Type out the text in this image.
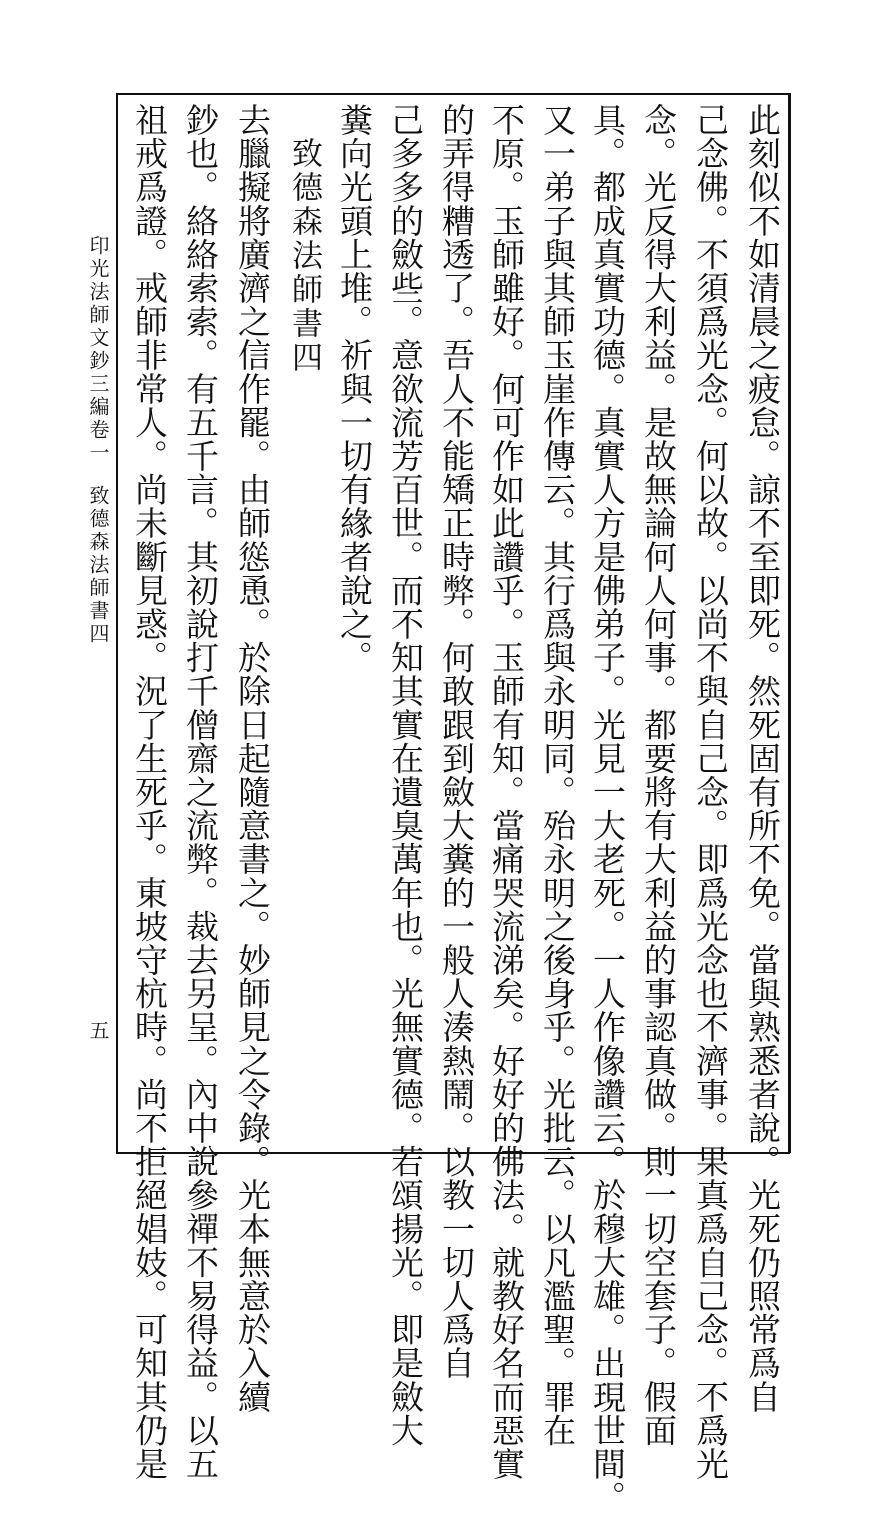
印光法師文鈔三編卷一
致德森法師書四
五	此刻似不如清晨之疲怠。諒不至即死。然死固有所不免。當與熟悉者說。光死仍照常爲自
己念佛。不須爲光念。何以故。以尚不與自己念。即爲光念也不濟事。果真爲自己念。不爲光
念。光反得大利益。是故無論何人何事。都要將有大利益的事認真做。則一切空套子。假面
具。都成真實功德。真實人方是佛弟子。光見一大老死。一人作像讚云。於穆大雄。出現世間。
又一弟子與其師玉崖作傳云。其行爲與永明同。殆永明之後身乎。光批云。以凡濫聖。罪在
不原。玉師雖好。何可作如此讚乎。玉師有知。當痛哭流涕矣。好好的佛法。就教好名而惡實
的弄得糟透了。吾人不能矯正時弊。何敢跟到斂大糞的一般人湊熱鬧。以教一切人爲自
己多多的斂些。意欲流芳百世。而不知其實在遺臭萬年也。光無實德。若頌揚光。即是斂大
糞向光頭上堆。祈與一切有緣者說之。
　致德森法師書四
去臘擬將廣濟之信作罷。由師慫恿。於除日起隨意書之。妙師見之令錄。光本無意於入續
鈔也。絡絡索索。有五千言。其初說打千僧齋之流弊。裁去另呈。內中說參禪不易得益。以五
祖戒爲證。戒師非常人。尚未斷見惑。況了生死乎。東坡守杭時。尚不拒絕娼妓。可知其仍是
